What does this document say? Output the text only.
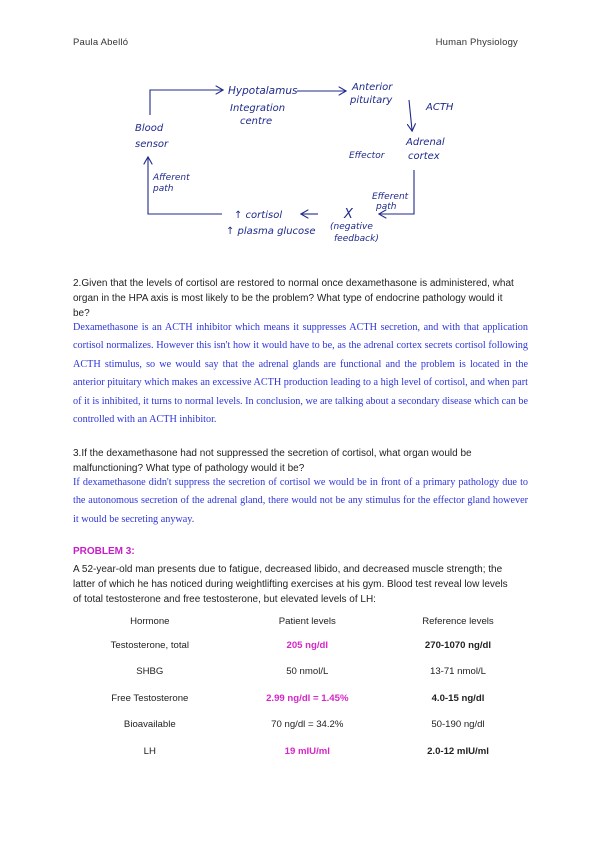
Paula Abelló	Human Physiology
Hypotalamus
Integration
centre
Anterior
pituitary
ACTH
Blood
sensor	Adrenal
cortex
Effector
Afferent
path
Efferent
path
X
↑ cortisol
↑ plasma glucose (negative
feedback)
2.Given that the levels of cortisol are restored to normal once dexamethasone is administered, what
organ in the HPA axis is most likely to be the problem? What type of endocrine pathology would it
be?
Dexamethasone is an ACTH inhibitor which means it suppresses ACTH secretion, and with that application cortisol normalizes. However this isn't how it would have to be, as the adrenal cortex secrets cortisol following ACTH stimulus, so we would say that the adrenal glands are functional and the problem is located in the anterior pituitary which makes an excessive ACTH production leading to a high level of cortisol, and when part of it is inhibited, it turns to normal levels. In conclusion, we are talking about a secondary disease which can be controlled with an ACTH inhibitor.
3.If the dexamethasone had not suppressed the secretion of cortisol, what organ would be
malfunctioning? What type of pathology would it be?
If dexamethasone didn't suppress the secretion of cortisol we would be in front of a primary pathology due to the autonomous secretion of the adrenal gland, there would not be any stimulus for the effector gland however it would be secreting anyway.
PROBLEM 3:
A 52-year-old man presents due to fatigue, decreased libido, and decreased muscle strength; the
latter of which he has noticed during weightlifting exercises at his gym. Blood test reveal low levels
of total testosterone and free testosterone, but elevated levels of LH:
Hormone	Patient levels	Reference levels
Testosterone, total	205 ng/dl	270-1070 ng/dl
SHBG	50 nmol/L	13-71 nmol/L
Free Testosterone	2.99 ng/dl = 1.45%	4.0-15 ng/dl
Bioavailable	70 ng/dl = 34.2%	50-190 ng/dl
LH	19 mIU/ml	2.0-12 mIU/ml
